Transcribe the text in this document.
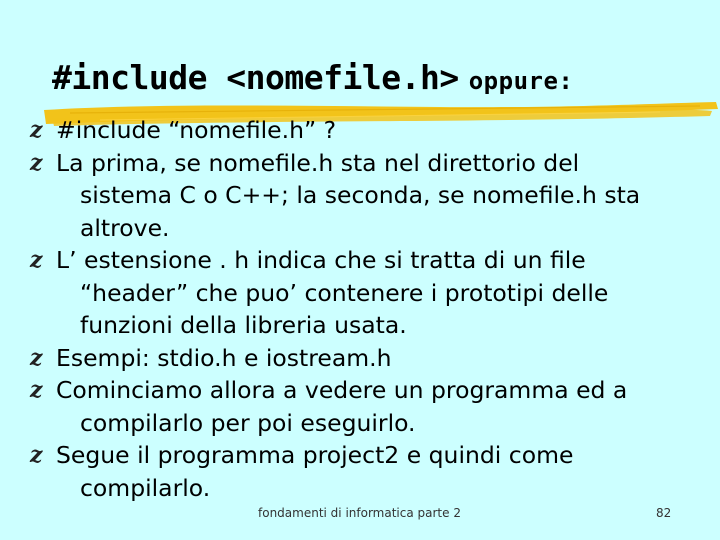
#include <nomefile.h> oppure:
z #include “nomefile.h” ?
z La prima, se nomefile.h sta nel direttorio del
sistema C o C++; la seconda, se nomefile.h sta
altrove.
z L’ estensione . h indica che si tratta di un file
“header” che puo’ contenere i prototipi delle
funzioni della libreria usata.
z Esempi: stdio.h e iostream.h
z Cominciamo allora a vedere un programma ed a
compilarlo per poi eseguirlo.
z Segue il programma project2 e quindi come
compilarlo.
fondamenti di informatica parte 2	82
